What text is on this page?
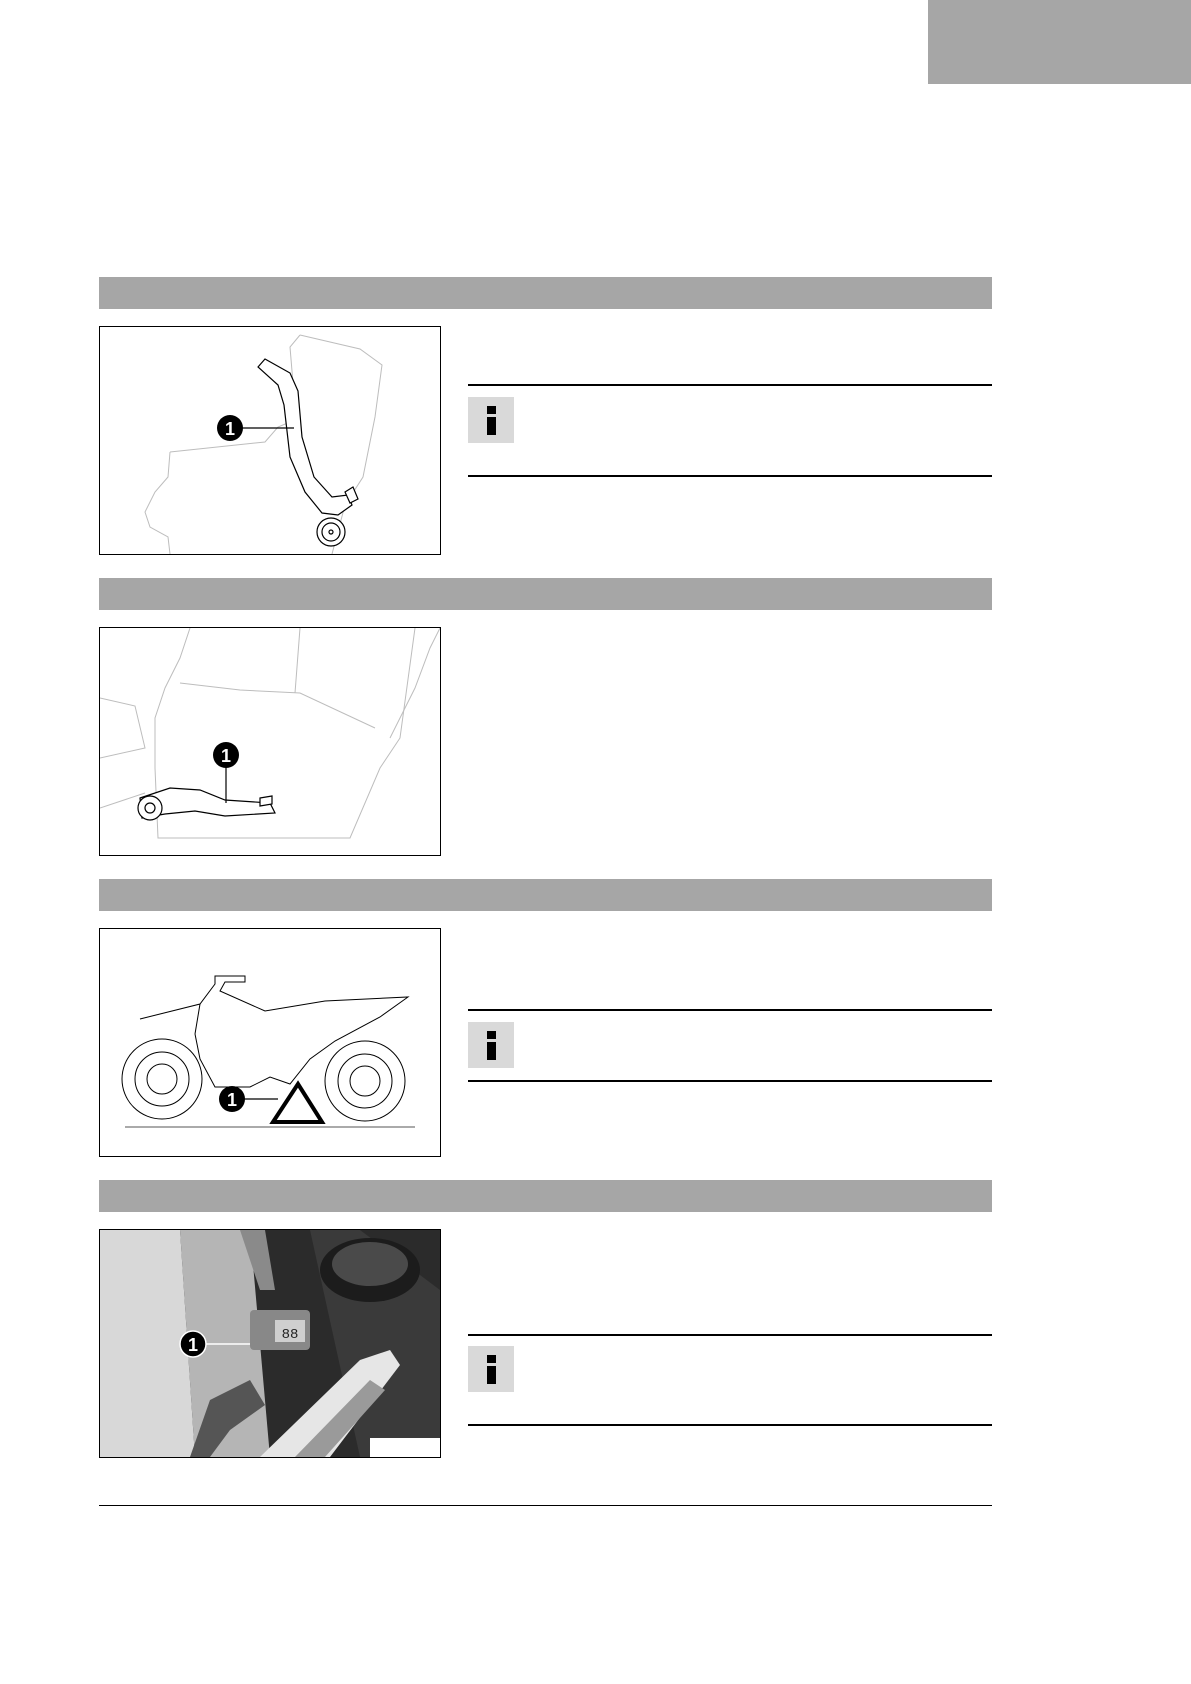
1
1
1
88
1
